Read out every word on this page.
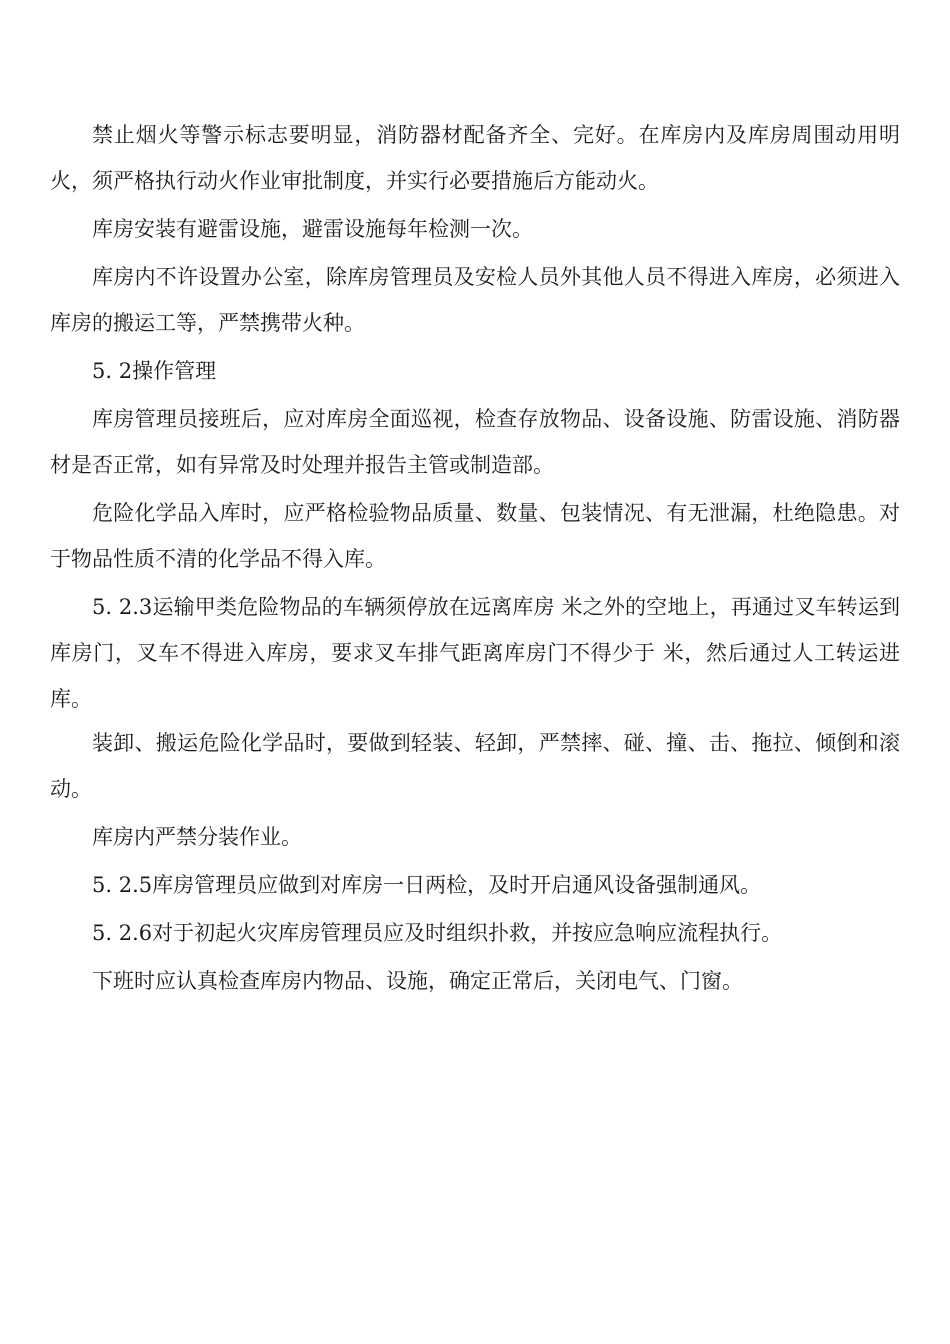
禁止烟火等警示标志要明显，消防器材配备齐全、完好。在库房内及库房周围动用明火，须严格执行动火作业审批制度，并实行必要措施后方能动火。

库房安装有避雷设施，避雷设施每年检测一次。

库房内不许设置办公室，除库房管理员及安检人员外其他人员不得进入库房，必须进入库房的搬运工等，严禁携带火种。

5. 2操作管理

库房管理员接班后，应对库房全面巡视，检查存放物品、设备设施、防雷设施、消防器材是否正常，如有异常及时处理并报告主管或制造部。

危险化学品入库时，应严格检验物品质量、数量、包装情况、有无泄漏，杜绝隐患。对于物品性质不清的化学品不得入库。

5. 2.3运输甲类危险物品的车辆须停放在远离库房 米之外的空地上，再通过叉车转运到库房门，叉车不得进入库房，要求叉车排气距离库房门不得少于 米，然后通过人工转运进库。

装卸、搬运危险化学品时，要做到轻装、轻卸，严禁摔、碰、撞、击、拖拉、倾倒和滚动。

库房内严禁分装作业。

5. 2.5库房管理员应做到对库房一日两检，及时开启通风设备强制通风。

5. 2.6对于初起火灾库房管理员应及时组织扑救，并按应急响应流程执行。

下班时应认真检查库房内物品、设施，确定正常后，关闭电气、门窗。
